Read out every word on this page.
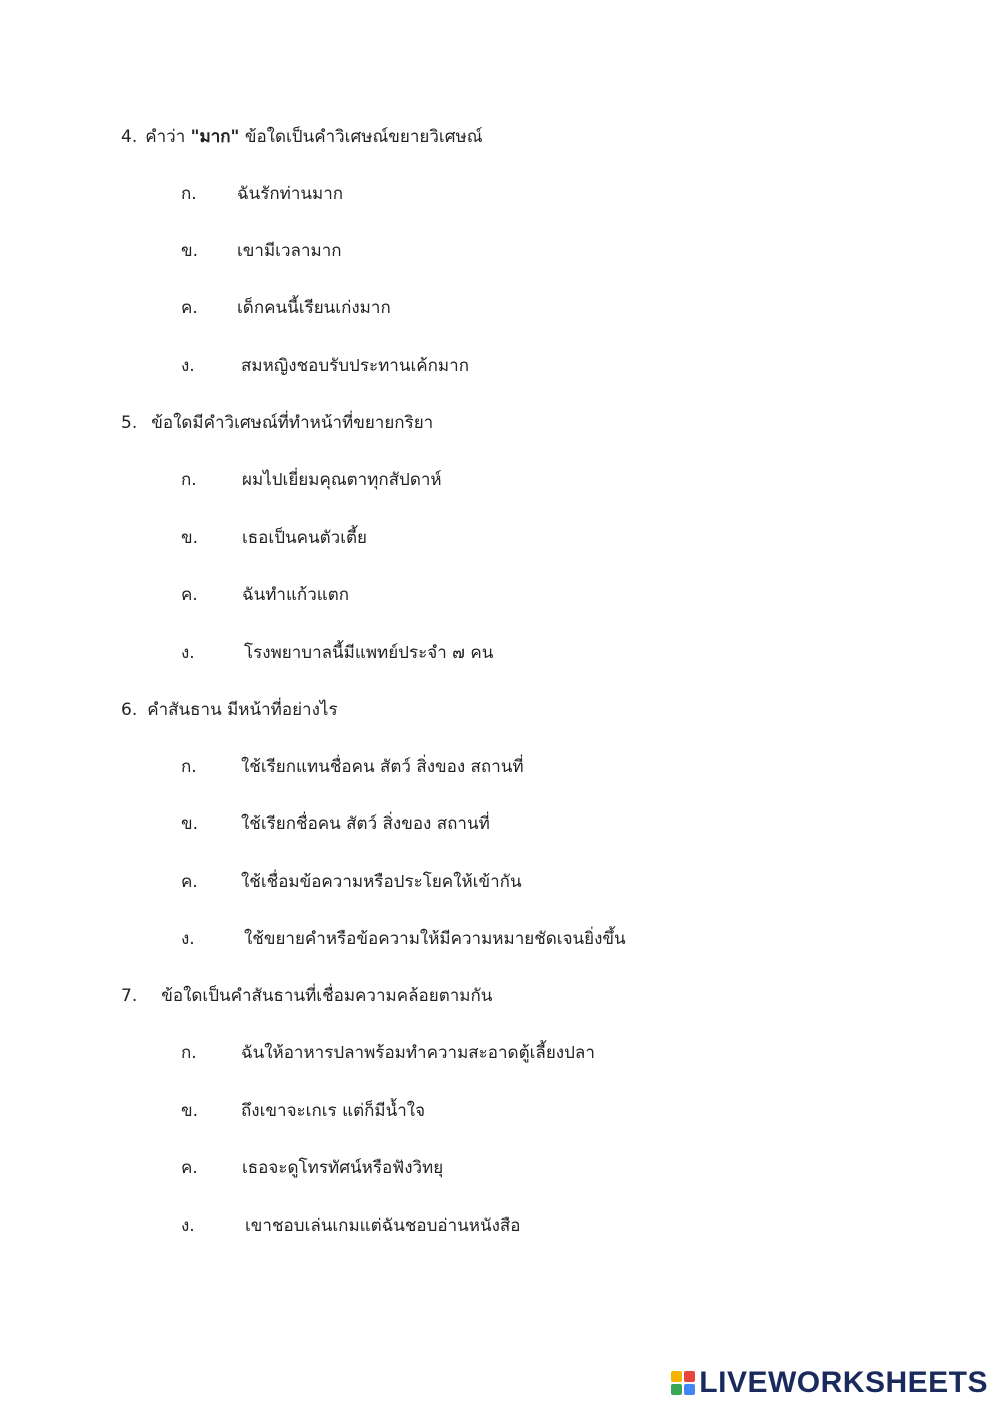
4. คำว่า "มาก" ข้อใดเป็นคำวิเศษณ์ขยายวิเศษณ์
ก. ฉันรักท่านมาก
ข. เขามีเวลามาก
ค. เด็กคนนี้เรียนเก่งมาก
ง.	สมหญิงชอบรับประทานเค้กมาก
5. ข้อใดมีคำวิเศษณ์ที่ทำหน้าที่ขยายกริยา
ก.	ผมไปเยี่ยมคุณตาทุกสัปดาห์
ข.	เธอเป็นคนตัวเตี้ย
ค.	ฉันทำแก้วแตก
ง.	โรงพยาบาลนี้มีแพทย์ประจำ ๗ คน
6. คำสันธาน มีหน้าที่อย่างไร
ก.	ใช้เรียกแทนชื่อคน สัตว์ สิ่งของ สถานที่
ข.	ใช้เรียกชื่อคน สัตว์ สิ่งของ สถานที่
ค.	ใช้เชื่อมข้อความหรือประโยคให้เข้ากัน
ง.	ใช้ขยายคำหรือข้อความให้มีความหมายชัดเจนยิ่งขึ้น
7. ข้อใดเป็นคำสันธานที่เชื่อมความคล้อยตามกัน
ก.	ฉันให้อาหารปลาพร้อมทำความสะอาดตู้เลี้ยงปลา
ข.	ถึงเขาจะเกเร แต่ก็มีน้ำใจ
ค.	เธอจะดูโทรทัศน์หรือฟังวิทยุ
ง.	เขาชอบเล่นเกมแต่ฉันชอบอ่านหนังสือ
LIVEWORKSHEETS
